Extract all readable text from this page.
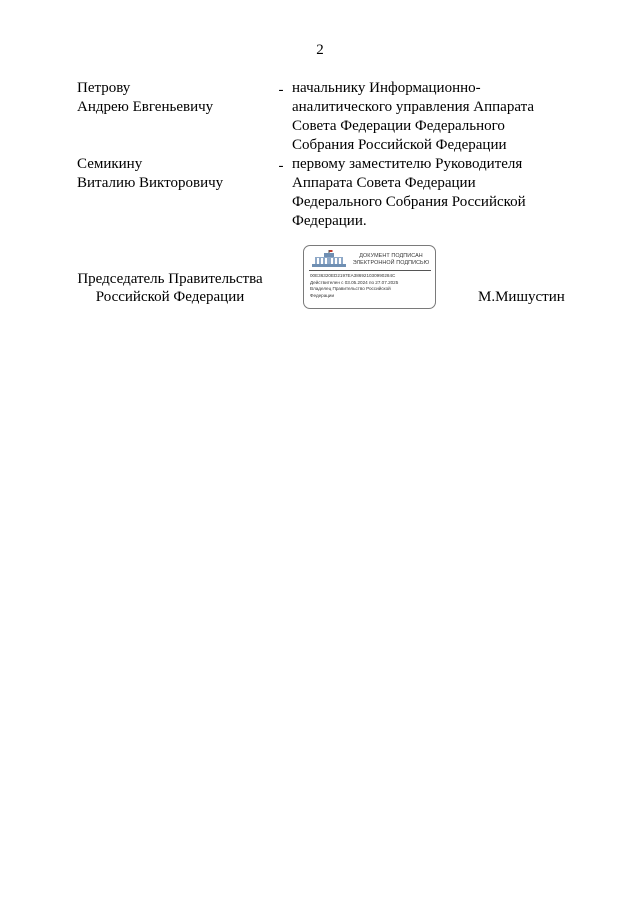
2
Петрову
Андрею Евгеньевичу
- начальнику Информационно-
аналитического управления Аппарата
Совета Федерации Федерального
Собрания Российской Федерации
Семикину
Виталию Викторовичу
- первому заместителю Руководителя
Аппарата Совета Федерации
Федерального Собрания Российской
Федерации.
Председатель Правительства
Российской Федерации
ДОКУМЕНТ ПОДПИСАН
ЭЛЕКТРОННОЙ ПОДПИСЬЮ
00E36320ED2197EA386921030990284C
Действителен с 03.05.2024 по 27.07.2025
Владелец Правительство Российской
Федерации	М.Мишустин
